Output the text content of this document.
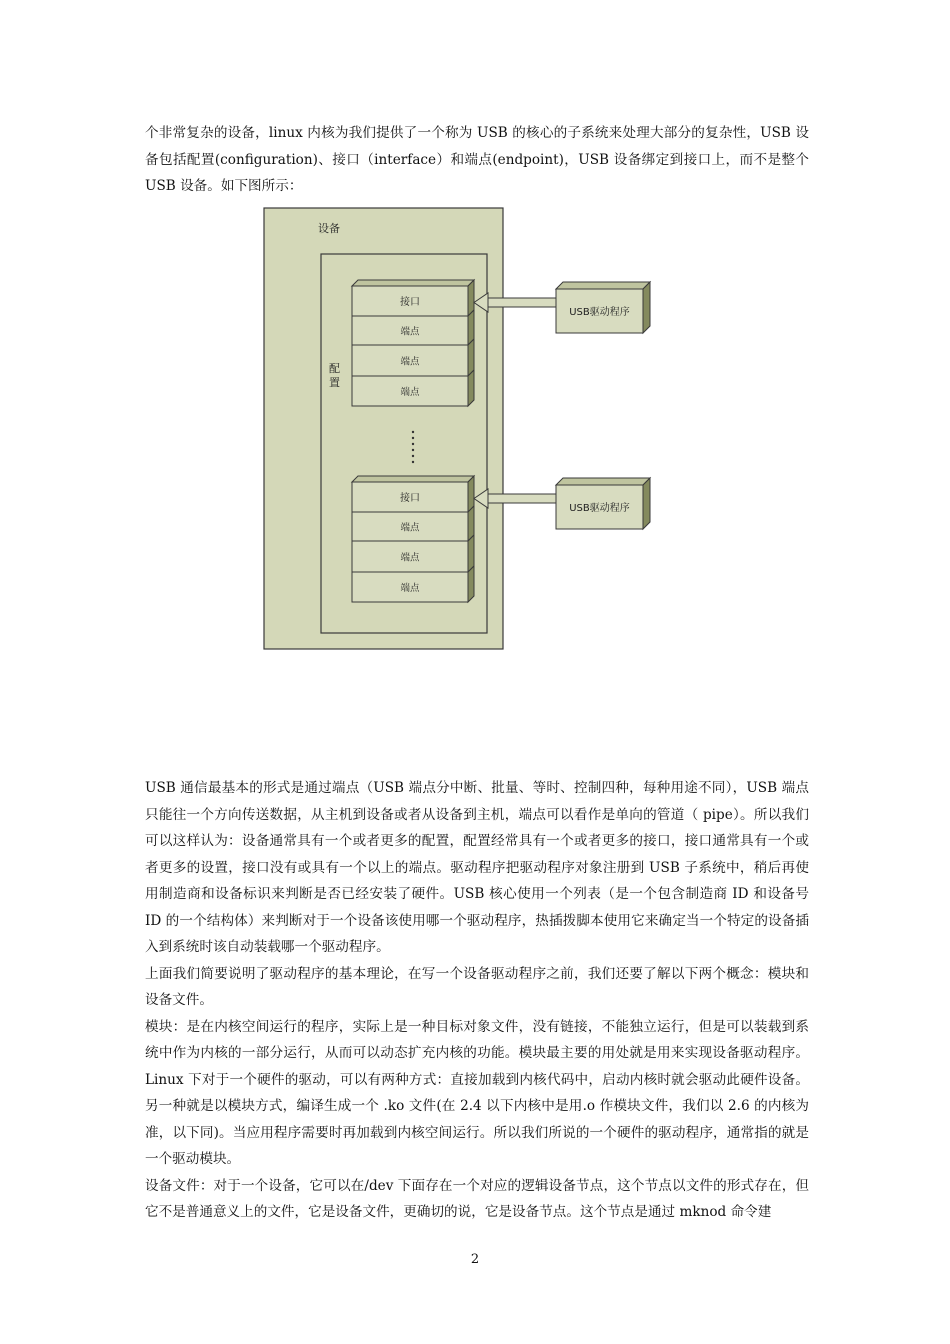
个非常复杂的设备，linux 内核为我们提供了一个称为 USB 的核心的子系统来处理大部分的复杂性，USB 设备包括配置(configuration)、接口（interface）和端点(endpoint)，USB 设备绑定到接口上，而不是整个 USB 设备。如下图所示：

设备
配
置
接口
端点
端点
端点
接口
端点
端点
端点
USB驱动程序
USB驱动程序

USB 通信最基本的形式是通过端点（USB 端点分中断、批量、等时、控制四种，每种用途不同），USB 端点只能往一个方向传送数据，从主机到设备或者从设备到主机，端点可以看作是单向的管道（ pipe）。所以我们可以这样认为：设备通常具有一个或者更多的配置，配置经常具有一个或者更多的接口，接口通常具有一个或者更多的设置，接口没有或具有一个以上的端点。驱动程序把驱动程序对象注册到 USB 子系统中，稍后再使用制造商和设备标识来判断是否已经安装了硬件。USB 核心使用一个列表（是一个包含制造商 ID 和设备号 ID 的一个结构体）来判断对于一个设备该使用哪一个驱动程序，热插拨脚本使用它来确定当一个特定的设备插入到系统时该自动装载哪一个驱动程序。

上面我们简要说明了驱动程序的基本理论，在写一个设备驱动程序之前，我们还要了解以下两个概念：模块和设备文件。

模块：是在内核空间运行的程序，实际上是一种目标对象文件，没有链接，不能独立运行，但是可以装载到系统中作为内核的一部分运行，从而可以动态扩充内核的功能。模块最主要的用处就是用来实现设备驱动程序。Linux 下对于一个硬件的驱动，可以有两种方式：直接加载到内核代码中，启动内核时就会驱动此硬件设备。另一种就是以模块方式，编译生成一个 .ko 文件(在 2.4 以下内核中是用.o 作模块文件，我们以 2.6 的内核为准，以下同)。当应用程序需要时再加载到内核空间运行。所以我们所说的一个硬件的驱动程序，通常指的就是一个驱动模块。

设备文件：对于一个设备，它可以在/dev 下面存在一个对应的逻辑设备节点，这个节点以文件的形式存在，但它不是普通意义上的文件，它是设备文件，更确切的说，它是设备节点。这个节点是通过 mknod 命令建

2
